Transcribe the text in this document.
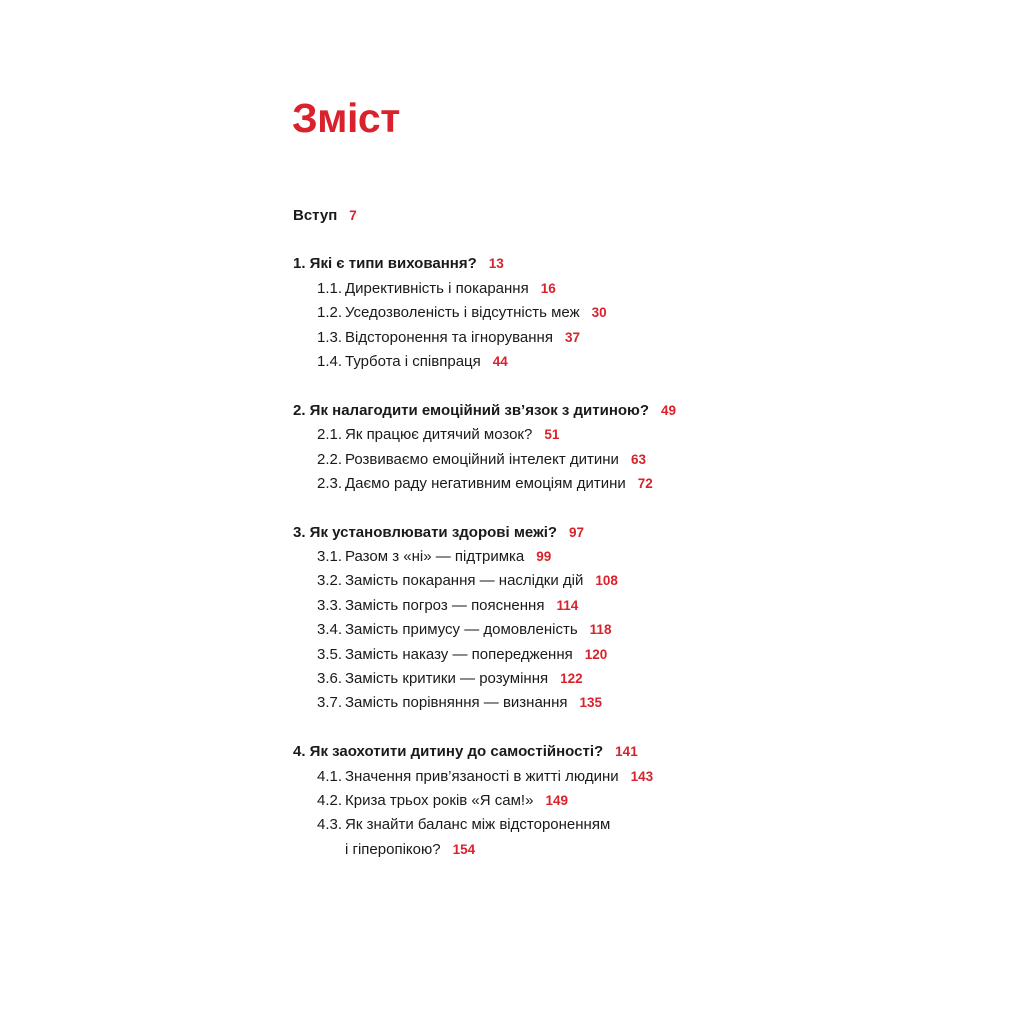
Зміст
Вступ 7
1. Які є типи виховання? 13
1.1. Директивність і покарання 16
1.2. Уседозволеність і відсутність меж 30
1.3. Відсторонення та ігнорування 37
1.4. Турбота і співпраця 44
2. Як налагодити емоційний зв’язок з дитиною? 49
2.1. Як працює дитячий мозок? 51
2.2. Розвиваємо емоційний інтелект дитини 63
2.3. Даємо раду негативним емоціям дитини 72
3. Як установлювати здорові межі? 97
3.1. Разом з «ні» — підтримка 99
3.2. Замість покарання — наслідки дій 108
3.3. Замість погроз — пояснення 114
3.4. Замість примусу — домовленість 118
3.5. Замість наказу — попередження 120
3.6. Замість критики — розуміння 122
3.7. Замість порівняння — визнання 135
4. Як заохотити дитину до самостійності? 141
4.1. Значення прив’язаності в житті людини 143
4.2. Криза трьох років «Я сам!» 149
4.3. Як знайти баланс між відстороненням
і гіперопікою? 154
